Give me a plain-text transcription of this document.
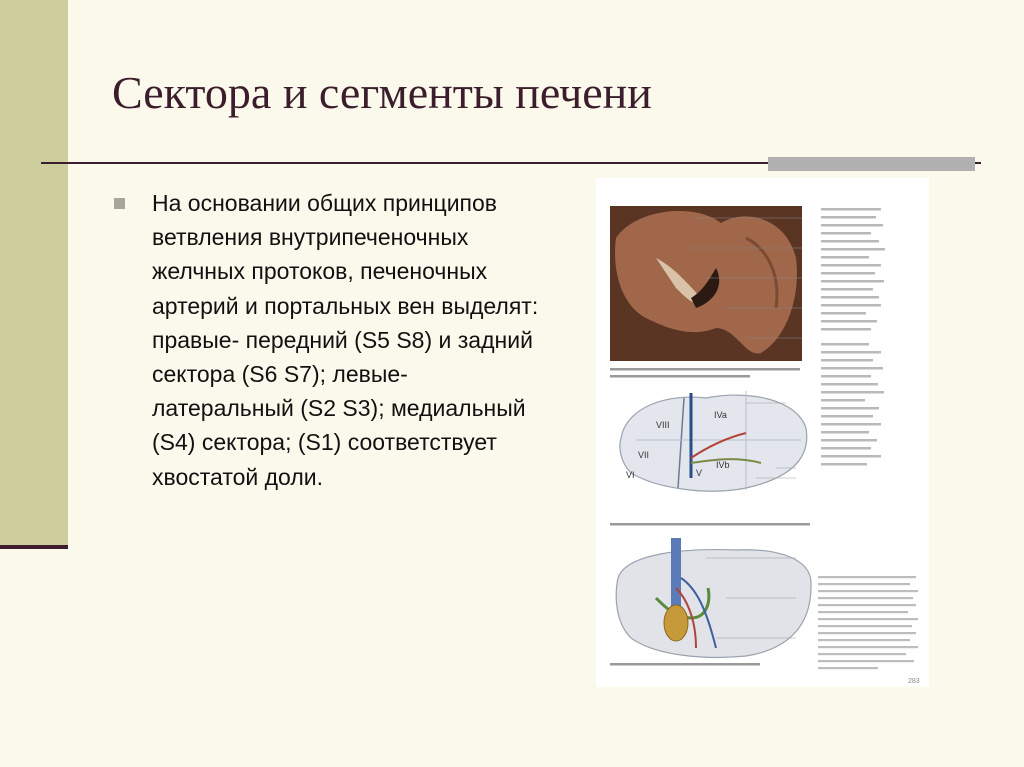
Сектора и сегменты печени
На основании общих принципов ветвления внутрипеченочных желчных протоков, печеночных артерий и портальных вен выделят: правые- передний (S5 S8) и задний сектора (S6 S7); левые- латеральный (S2 S3); медиальный (S4) сектора; (S1) соответствует хвостатой доли.
VIII
IVa
VII
IVb
V
VI
283
